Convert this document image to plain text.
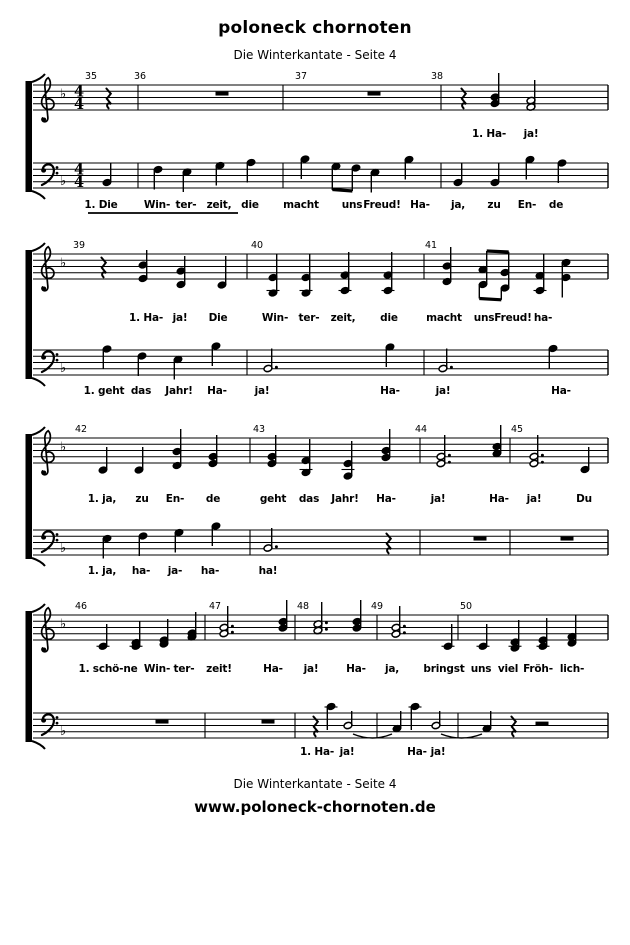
poloneck chornoten
Die Winterkantate - Seite 4
♭ 4
4
♭
4
4
♭
♭
♭
♭
♭
♭
35	36	37	38
1. Ha- ja!
1. Die	Win- ter- zeit, die macht uns Freud! Ha- ja, zu En- de
39	40	41
1. Ha- ja! Die	Win- ter- zeit, die	macht uns Freud! ha-
1. geht das Jahr! Ha-	ja!	Ha-	ja!	Ha-
42	43	44	45
1. ja, zu En- de	geht das Jahr! Ha-	ja!	Ha- ja!	Du
1. ja, ha- ja- ha-	ha!
46	47	48	49	50
1. schö-ne Win- ter- zeit!	Ha- ja!	Ha- ja, bringst uns viel Fröh- lich-
1. Ha- ja!	Ha- ja!
Die Winterkantate - Seite 4
www.poloneck-chornoten.de
